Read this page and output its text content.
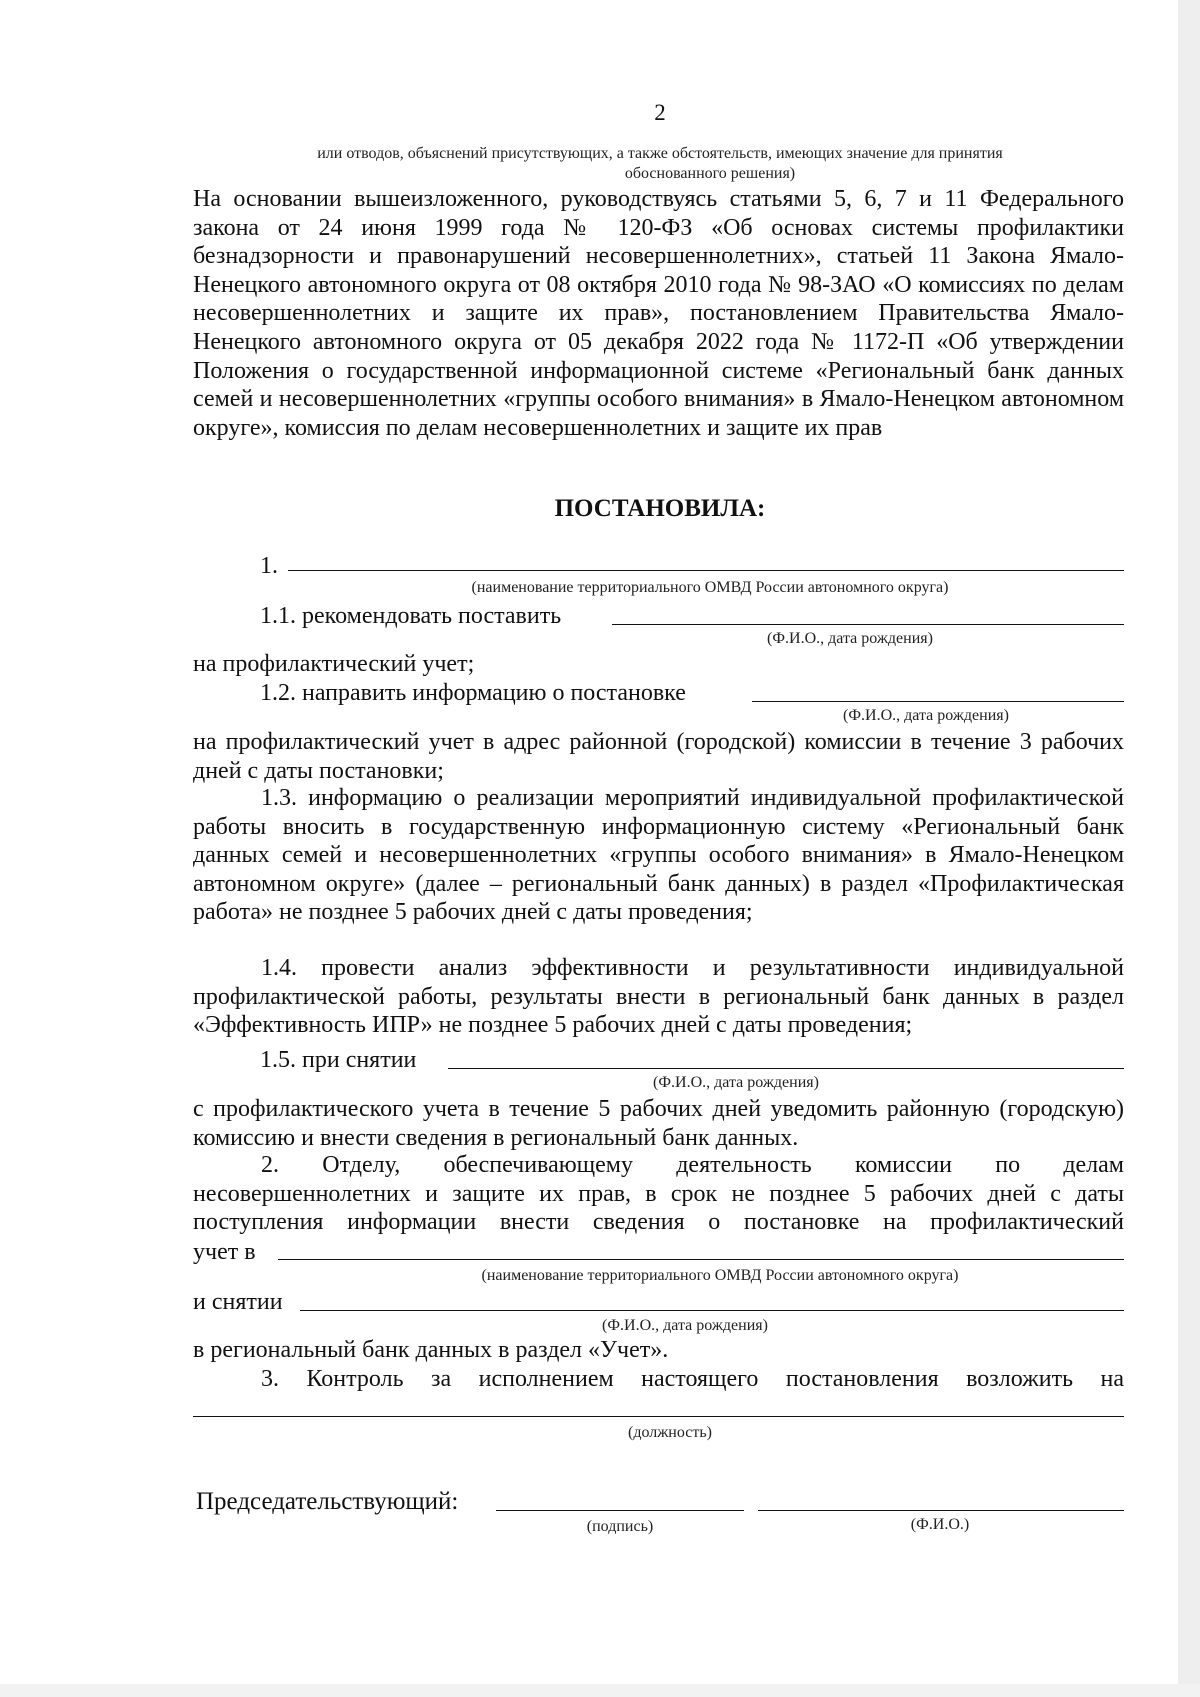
2
или отводов, объяснений присутствующих, а также обстоятельств, имеющих значение для принятия
обоснованного решения)
На основании вышеизложенного, руководствуясь статьями 5, 6, 7 и 11 Федерального закона от 24 июня 1999 года № 120-ФЗ «Об основах системы профилактики безнадзорности и правонарушений несовершеннолетних», статьей 11 Закона Ямало-Ненецкого автономного округа от 08 октября 2010 года № 98-ЗАО «О комиссиях по делам несовершеннолетних и защите их прав», постановлением Правительства Ямало-Ненецкого автономного округа от 05 декабря 2022 года № 1172-П «Об утверждении Положения о государственной информационной системе «Региональный банк данных семей и несовершеннолетних «группы особого внимания» в Ямало-Ненецком автономном округе», комиссия по делам несовершеннолетних и защите их прав
ПОСТАНОВИЛА:
1.
(наименование территориального ОМВД России автономного округа)
1.1. рекомендовать поставить
(Ф.И.О., дата рождения)
на профилактический учет;
1.2. направить информацию о постановке
(Ф.И.О., дата рождения)
на профилактический учет в адрес районной (городской) комиссии в течение 3 рабочих дней с даты постановки;
1.3. информацию о реализации мероприятий индивидуальной профилактической работы вносить в государственную информационную систему «Региональный банк данных семей и несовершеннолетних «группы особого внимания» в Ямало-Ненецком автономном округе» (далее – региональный банк данных) в раздел «Профилактическая работа» не позднее 5 рабочих дней с даты проведения;
1.4. провести анализ эффективности и результативности индивидуальной профилактической работы, результаты внести в региональный банк данных в раздел «Эффективность ИПР» не позднее 5 рабочих дней с даты проведения;
1.5. при снятии
(Ф.И.О., дата рождения)
с профилактического учета в течение 5 рабочих дней уведомить районную (городскую) комиссию и внести сведения в региональный банк данных.
2. Отделу, обеспечивающему деятельность комиссии по делам несовершеннолетних и защите их прав, в срок не позднее 5 рабочих дней с даты поступления информации внести сведения о постановке на профилактический
учет в
(наименование территориального ОМВД России автономного округа)
и снятии
(Ф.И.О., дата рождения)
в региональный банк данных в раздел «Учет».
3. Контроль за исполнением настоящего постановления возложить на
(должность)
Председательствующий:
(подпись)	(Ф.И.О.)
